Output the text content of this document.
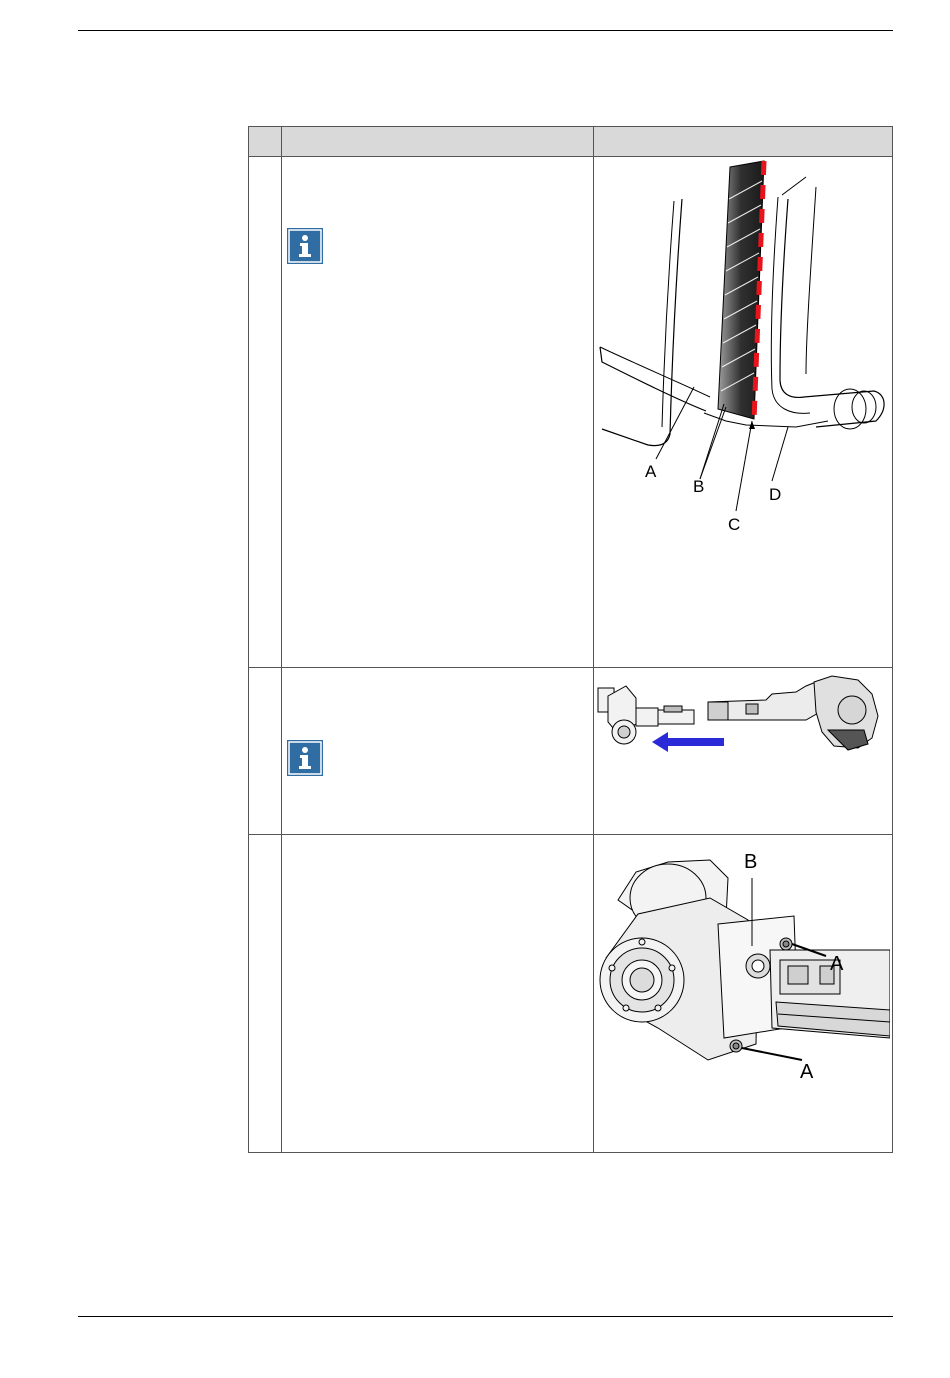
A
B
C
D
B
A
A
